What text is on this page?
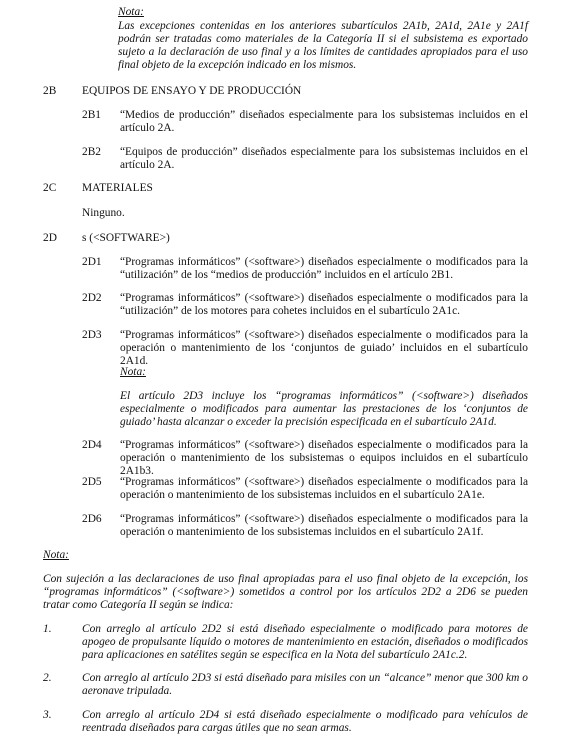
Nota:
Las excepciones contenidas en los anteriores subartículos 2A1b, 2A1d, 2A1e y 2A1f podrán ser tratadas como materiales de la Categoría II si el subsistema es exportado sujeto a la declaración de uso final y a los límites de cantidades apropiados para el uso final objeto de la excepción indicado en los mismos.
2B EQUIPOS DE ENSAYO Y DE PRODUCCIÓN
2B1 “Medios de producción” diseñados especialmente para los subsistemas incluidos en el artículo 2A.
2B2 “Equipos de producción” diseñados especialmente para los subsistemas incluidos en el artículo 2A.
2C MATERIALES
Ninguno.
2D s (<SOFTWARE>)
2D1 “Programas informáticos” (<software>) diseñados especialmente o modificados para la “utilización” de los “medios de producción” incluidos en el artículo 2B1.
2D2 “Programas informáticos” (<software>) diseñados especialmente o modificados para la “utilización” de los motores para cohetes incluidos en el subartículo 2A1c.
2D3 “Programas informáticos” (<software>) diseñados especialmente o modificados para la operación o mantenimiento de los ‘conjuntos de guiado’ incluidos en el subartículo 2A1d.
Nota:
El artículo 2D3 incluye los “programas informáticos” (<software>) diseñados especialmente o modificados para aumentar las prestaciones de los ‘conjuntos de guiado’ hasta alcanzar o exceder la precisión especificada en el subartículo 2A1d.
2D4 “Programas informáticos” (<software>) diseñados especialmente o modificados para la operación o mantenimiento de los subsistemas o equipos incluidos en el subartículo 2A1b3.
2D5 “Programas informáticos” (<software>) diseñados especialmente o modificados para la operación o mantenimiento de los subsistemas incluidos en el subartículo 2A1e.
2D6 “Programas informáticos” (<software>) diseñados especialmente o modificados para la operación o mantenimiento de los subsistemas incluidos en el subartículo 2A1f.
Nota:
Con sujeción a las declaraciones de uso final apropiadas para el uso final objeto de la excepción, los “programas informáticos” (<software>) sometidos a control por los artículos 2D2 a 2D6 se pueden tratar como Categoría II según se indica:
1.	Con arreglo al artículo 2D2 si está diseñado especialmente o modificado para motores de apogeo de propulsante líquido o motores de mantenimiento en estación, diseñados o modificados para aplicaciones en satélites según se especifica en la Nota del subartículo 2A1c.2.
2.	Con arreglo al artículo 2D3 si está diseñado para misiles con un “alcance” menor que 300 km o aeronave tripulada.
3.	Con arreglo al artículo 2D4 si está diseñado especialmente o modificado para vehículos de reentrada diseñados para cargas útiles que no sean armas.
